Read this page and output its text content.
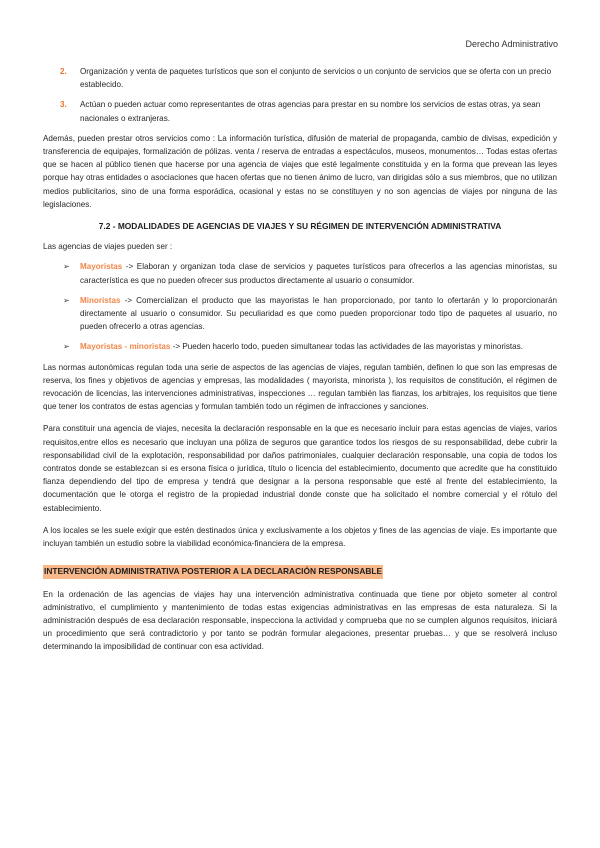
Derecho Administrativo
2.	Organización y venta de paquetes turísticos que son el conjunto de servicios o un conjunto de servicios que se oferta con un precio establecido.
3.	Actúan o pueden actuar como representantes de otras agencias para prestar en su nombre los servicios de estas otras, ya sean nacionales o extranjeras.

Además, pueden prestar otros servicios como : La información turística, difusión de material de propaganda, cambio de divisas, expedición y transferencia de equipajes, formalización de pólizas. venta / reserva de entradas a espectáculos, museos, monumentos… Todas estas ofertas que se hacen al público tienen que hacerse por una agencia de viajes que esté legalmente constituida y en la forma que prevean las leyes porque hay otras entidades o asociaciones que hacen ofertas que no tienen ánimo de lucro, van dirigidas sólo a sus miembros, que no utilizan medios publicitarios, sino de una forma esporádica, ocasional y estas no se constituyen y no son agencias de viajes por ninguna de las legislaciones.

7.2 - MODALIDADES DE AGENCIAS DE VIAJES Y SU RÉGIMEN DE INTERVENCIÓN ADMINISTRATIVA

Las agencias de viajes pueden ser :

➢	Mayoristas -> Elaboran y organizan toda clase de servicios y paquetes turísticos para ofrecerlos a las agencias minoristas, su característica es que no pueden ofrecer sus productos directamente al usuario o consumidor.
➢	Minoristas -> Comercializan el producto que las mayoristas le han proporcionado, por tanto lo ofertarán y lo proporcionarán directamente al usuario o consumidor. Su peculiaridad es que como pueden proporcionar todo tipo de paquetes al usuario, no pueden ofrecerlo a otras agencias.
➢	Mayoristas - minoristas -> Pueden hacerlo todo, pueden simultanear todas las actividades de las mayoristas y minoristas.

Las normas autonómicas regulan toda una serie de aspectos de las agencias de viajes, regulan también, definen lo que son las empresas de reserva, los fines y objetivos de agencias y empresas, las modalidades ( mayorista, minorista ), los requisitos de constitución, el régimen de revocación de licencias, las intervenciones administrativas, inspecciones … regulan también las fianzas, los arbitrajes, los requisitos que tiene que tener los contratos de estas agencias y formulan también todo un régimen de infracciones y sanciones.

Para constituir una agencia de viajes, necesita la declaración responsable en la que es necesario incluir para estas agencias de viajes, varios requisitos,entre ellos es necesario que incluyan una póliza de seguros que garantice todos los riesgos de su responsabilidad, debe cubrir la responsabilidad civil de la explotación, responsabilidad por daños patrimoniales, cualquier declaración responsable, una copia de todos los contratos donde se establezcan si es ersona física o jurídica, título o licencia del establecimiento, documento que acredite que ha constituido fianza dependiendo del tipo de empresa y tendrá que designar a la persona responsable que esté al frente del establecimiento, la documentación que le otorga el registro de la propiedad industrial donde conste que ha solicitado el nombre comercial y el rótulo del establecimiento.

A los locales se les suele exigir que estén destinados única y exclusivamente a los objetos y fines de las agencias de viaje. Es importante que incluyan también un estudio sobre la viabilidad económica-financiera de la empresa.

INTERVENCIÓN ADMINISTRATIVA POSTERIOR A LA DECLARACIÓN RESPONSABLE

En la ordenación de las agencias de viajes hay una intervención administrativa continuada que tiene por objeto someter al control administrativo, el cumplimiento y mantenimiento de todas estas exigencias administrativas en las empresas de esta naturaleza. Si la administración después de esa declaración responsable, inspecciona la actividad y comprueba que no se cumplen algunos requisitos, iniciará un procedimiento que será contradictorio y por tanto se podrán formular alegaciones, presentar pruebas… y que se resolverá incluso determinando la imposibilidad de continuar con esa actividad.
